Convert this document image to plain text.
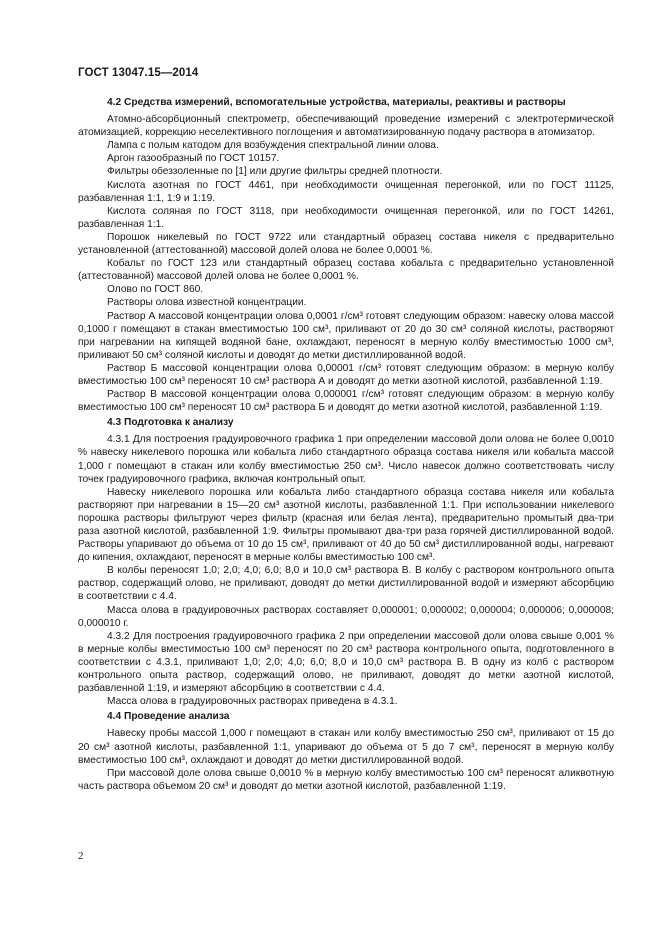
ГОСТ 13047.15—2014

4.2 Средства измерений, вспомогательные устройства, материалы, реактивы и растворы

Атомно-абсорбционный спектрометр, обеспечивающий проведение измерений с электротермической атомизацией, коррекцию неселективного поглощения и автоматизированную подачу раствора в атомизатор.

Лампа с полым катодом для возбуждения спектральной линии олова.

Аргон газообразный по ГОСТ 10157.

Фильтры обеззоленные по [1] или другие фильтры средней плотности.

Кислота азотная по ГОСТ 4461, при необходимости очищенная перегонкой, или по ГОСТ 11125, разбавленная 1:1, 1:9 и 1:19.

Кислота соляная по ГОСТ 3118, при необходимости очищенная перегонкой, или по ГОСТ 14261, разбавленная 1:1.

Порошок никелевый по ГОСТ 9722 или стандартный образец состава никеля с предварительно установленной (аттестованной) массовой долей олова не более 0,0001 %.

Кобальт по ГОСТ 123 или стандартный образец состава кобальта с предварительно установленной (аттестованной) массовой долей олова не более 0,0001 %.

Олово по ГОСТ 860.

Растворы олова известной концентрации.

Раствор А массовой концентрации олова 0,0001 г/см³ готовят следующим образом: навеску олова массой 0,1000 г помещают в стакан вместимостью 100 см³, приливают от 20 до 30 см³ соляной кислоты, растворяют при нагревании на кипящей водяной бане, охлаждают, переносят в мерную колбу вместимостью 1000 см³, приливают 50 см³ соляной кислоты и доводят до метки дистиллированной водой.

Раствор Б массовой концентрации олова 0,00001 г/см³ готовят следующим образом: в мерную колбу вместимостью 100 см³ переносят 10 см³ раствора А и доводят до метки азотной кислотой, разбавленной 1:19.

Раствор В массовой концентрации олова 0,000001 г/см³ готовят следующим образом: в мерную колбу вместимостью 100 см³ переносят 10 см³ раствора Б и доводят до метки азотной кислотой, разбавленной 1:19.

4.3 Подготовка к анализу

4.3.1 Для построения градуировочного графика 1 при определении массовой доли олова не более 0,0010 % навеску никелевого порошка или кобальта либо стандартного образца состава никеля или кобальта массой 1,000 г помещают в стакан или колбу вместимостью 250 см³. Число навесок должно соответствовать числу точек градуировочного графика, включая контрольный опыт.

Навеску никелевого порошка или кобальта либо стандартного образца состава никеля или кобальта растворяют при нагревании в 15—20 см³ азотной кислоты, разбавленной 1:1. При использовании никелевого порошка растворы фильтруют через фильтр (красная или белая лента), предварительно промытый два-три раза азотной кислотой, разбавленной 1:9. Фильтры промывают два-три раза горячей дистиллированной водой. Растворы упаривают до объема от 10 до 15 см³, приливают от 40 до 50 см³ дистиллированной воды, нагревают до кипения, охлаждают, переносят в мерные колбы вместимостью 100 см³.

В колбы переносят 1,0; 2,0; 4,0; 6,0; 8,0 и 10,0 см³ раствора В. В колбу с раствором контрольного опыта раствор, содержащий олово, не приливают, доводят до метки дистиллированной водой и измеряют абсорбцию в соответствии с 4.4.

Масса олова в градуировочных растворах составляет 0,000001; 0,000002; 0,000004; 0,000006; 0,000008; 0,000010 г.

4.3.2 Для построения градуировочного графика 2 при определении массовой доли олова свыше 0,001 % в мерные колбы вместимостью 100 см³ переносят по 20 см³ раствора контрольного опыта, подготовленного в соответствии с 4.3.1, приливают 1,0; 2,0; 4,0; 6,0; 8,0 и 10,0 см³ раствора В. В одну из колб с раствором контрольного опыта раствор, содержащий олово, не приливают, доводят до метки азотной кислотой, разбавленной 1:19, и измеряют абсорбцию в соответствии с 4.4.

Масса олова в градуировочных растворах приведена в 4.3.1.

4.4 Проведение анализа

Навеску пробы массой 1,000 г помещают в стакан или колбу вместимостью 250 см³, приливают от 15 до 20 см³ азотной кислоты, разбавленной 1:1, упаривают до объема от 5 до 7 см³, переносят в мерную колбу вместимостью 100 см³, охлаждают и доводят до метки дистиллированной водой.

При массовой доле олова свыше 0,0010 % в мерную колбу вместимостью 100 см³ переносят аликвотную часть раствора объемом 20 см³ и доводят до метки азотной кислотой, разбавленной 1:19.

2
